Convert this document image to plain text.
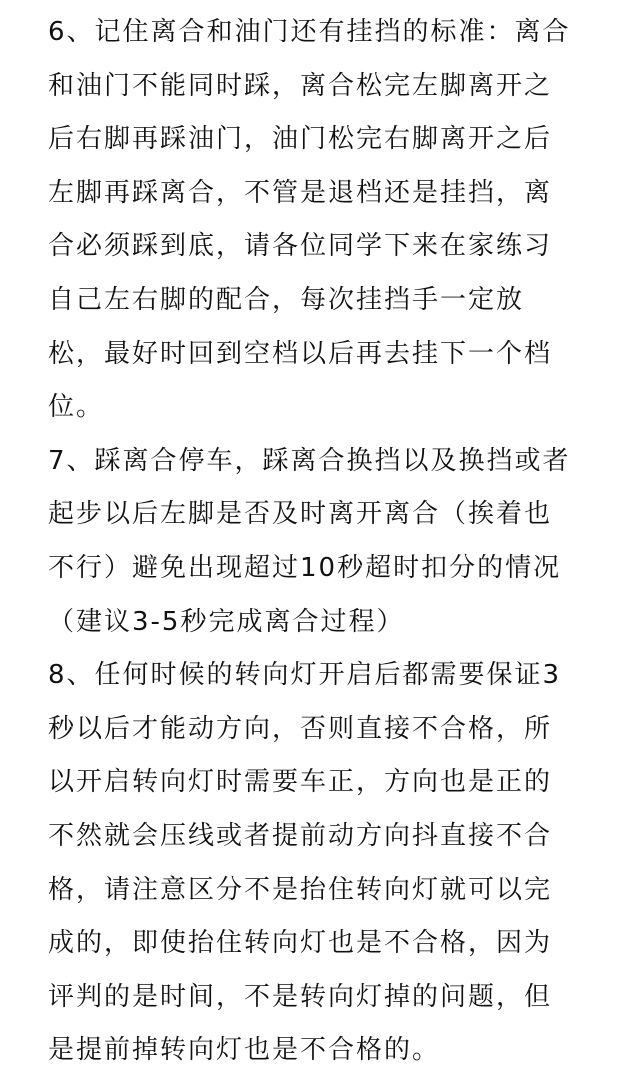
6、记住离合和油门还有挂挡的标准：离合
和油门不能同时踩，离合松完左脚离开之
后右脚再踩油门，油门松完右脚离开之后
左脚再踩离合，不管是退档还是挂挡，离
合必须踩到底，请各位同学下来在家练习
自己左右脚的配合，每次挂挡手一定放
松，最好时回到空档以后再去挂下一个档
位。
7、踩离合停车，踩离合换挡以及换挡或者
起步以后左脚是否及时离开离合（挨着也
不行）避免出现超过10秒超时扣分的情况
（建议3-5秒完成离合过程）
8、任何时候的转向灯开启后都需要保证3
秒以后才能动方向，否则直接不合格，所
以开启转向灯时需要车正，方向也是正的
不然就会压线或者提前动方向抖直接不合
格，请注意区分不是抬住转向灯就可以完
成的，即使抬住转向灯也是不合格，因为
评判的是时间，不是转向灯掉的问题，但
是提前掉转向灯也是不合格的。
